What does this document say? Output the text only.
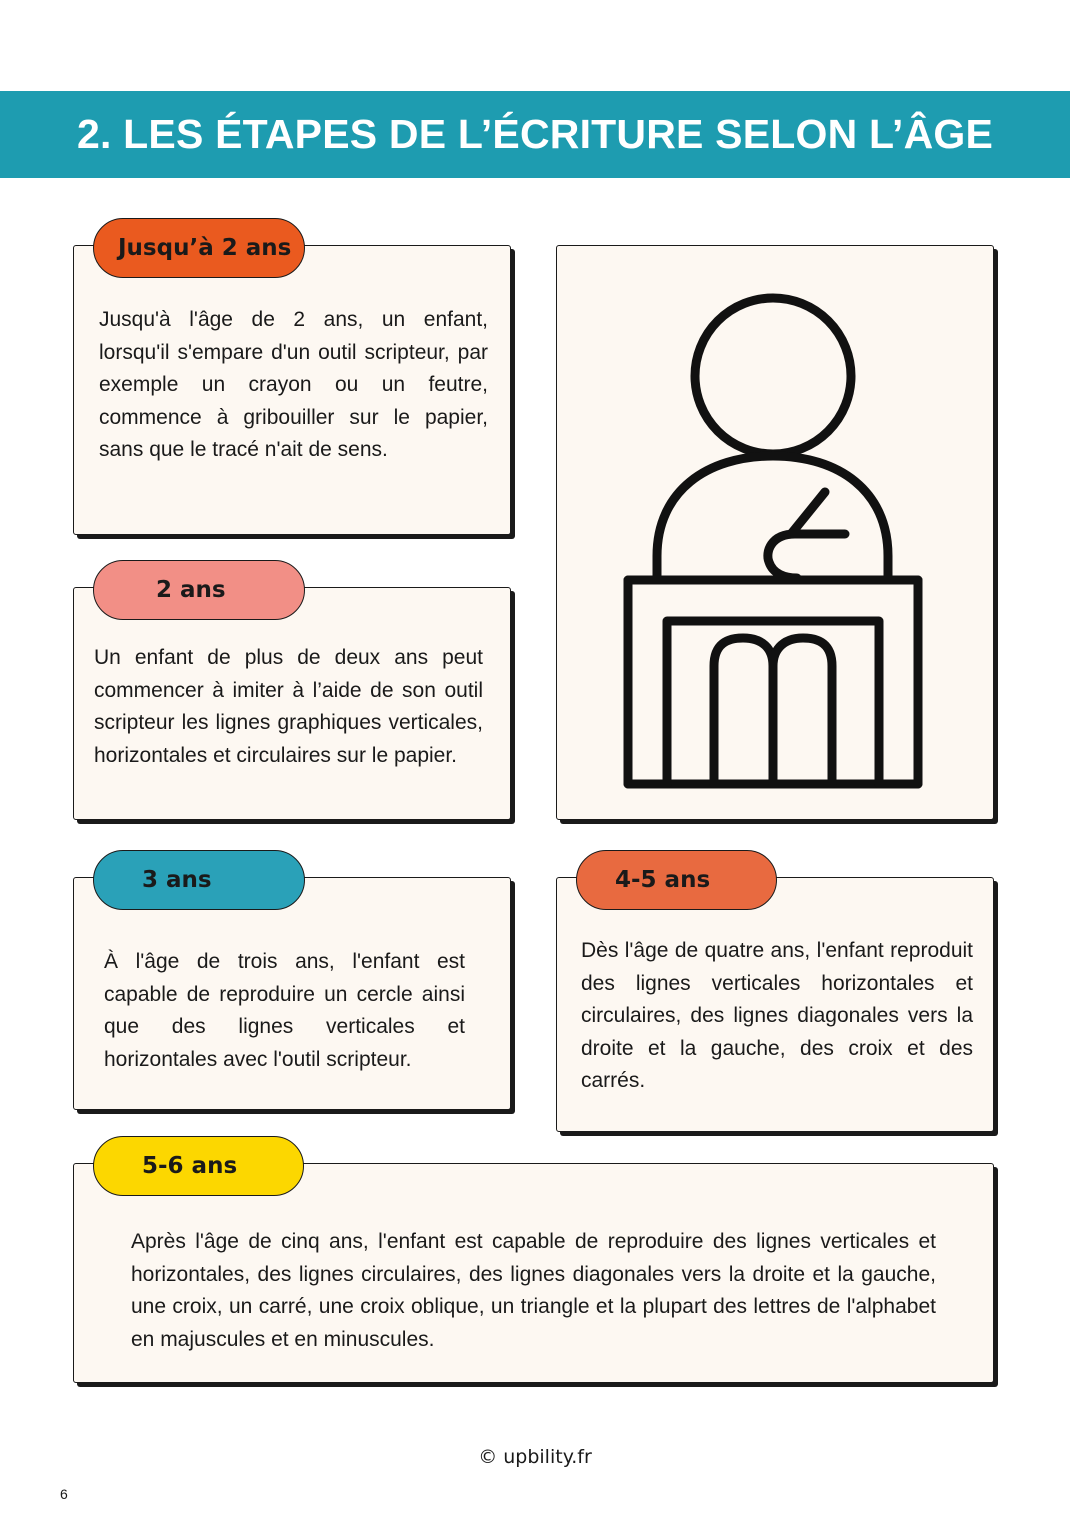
2. LES ÉTAPES DE L’ÉCRITURE SELON L’ÂGE
Jusqu’à 2 ans

Jusqu'à l'âge de 2 ans, un enfant, lorsqu'il s'empare d'un outil scripteur, par exemple un crayon ou un feutre, commence à gribouiller sur le papier, sans que le tracé n'ait de sens.

2 ans

Un enfant de plus de deux ans peut commencer à imiter à l’aide de son outil scripteur les lignes graphiques verticales, horizontales et circulaires sur le papier.

3 ans

À l'âge de trois ans, l'enfant est capable de reproduire un cercle ainsi que des lignes verticales et horizontales avec l'outil scripteur.

4-5 ans

Dès l'âge de quatre ans, l'enfant reproduit des lignes verticales horizontales et circulaires, des lignes diagonales vers la droite et la gauche, des croix et des carrés.

5-6 ans

Après l'âge de cinq ans, l'enfant est capable de reproduire des lignes verticales et horizontales, des lignes circulaires, des lignes diagonales vers la droite et la gauche, une croix, un carré, une croix oblique, un triangle et la plupart des lettres de l'alphabet en majuscules et en minuscules.

© upbility.fr
6
